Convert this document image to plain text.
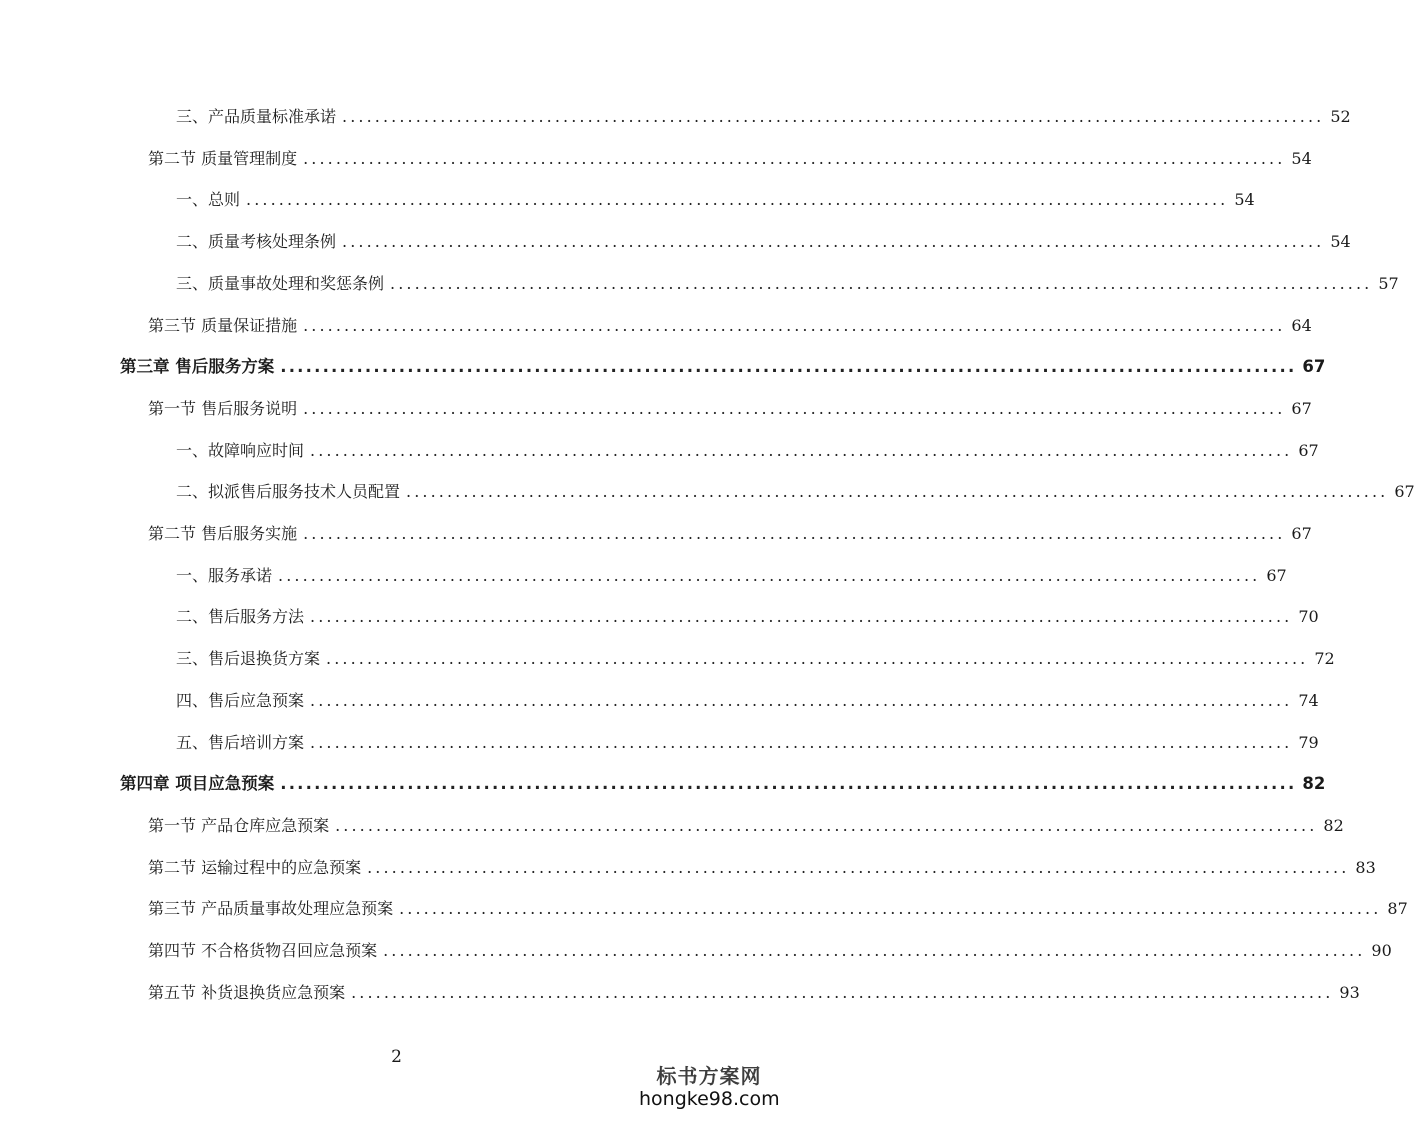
三、产品质量标准承诺 ........................................................................................................................ 52
第二节 质量管理制度 ........................................................................................................................ 54
一、总则 ........................................................................................................................ 54
二、质量考核处理条例 ........................................................................................................................ 54
三、质量事故处理和奖惩条例 ........................................................................................................................ 57
第三节 质量保证措施 ........................................................................................................................ 64
第三章 售后服务方案 ........................................................................................................................ 67
第一节 售后服务说明 ........................................................................................................................ 67
一、故障响应时间 ........................................................................................................................ 67
二、拟派售后服务技术人员配置 ........................................................................................................................ 67
第二节 售后服务实施 ........................................................................................................................ 67
一、服务承诺 ........................................................................................................................ 67
二、售后服务方法 ........................................................................................................................ 70
三、售后退换货方案 ........................................................................................................................ 72
四、售后应急预案 ........................................................................................................................ 74
五、售后培训方案 ........................................................................................................................ 79
第四章 项目应急预案 ........................................................................................................................ 82
第一节 产品仓库应急预案 ........................................................................................................................ 82
第二节 运输过程中的应急预案 ........................................................................................................................ 83
第三节 产品质量事故处理应急预案 ........................................................................................................................ 87
第四节 不合格货物召回应急预案 ........................................................................................................................ 90
第五节 补货退换货应急预案 ........................................................................................................................ 93
2
标书方案网
hongke98.com
